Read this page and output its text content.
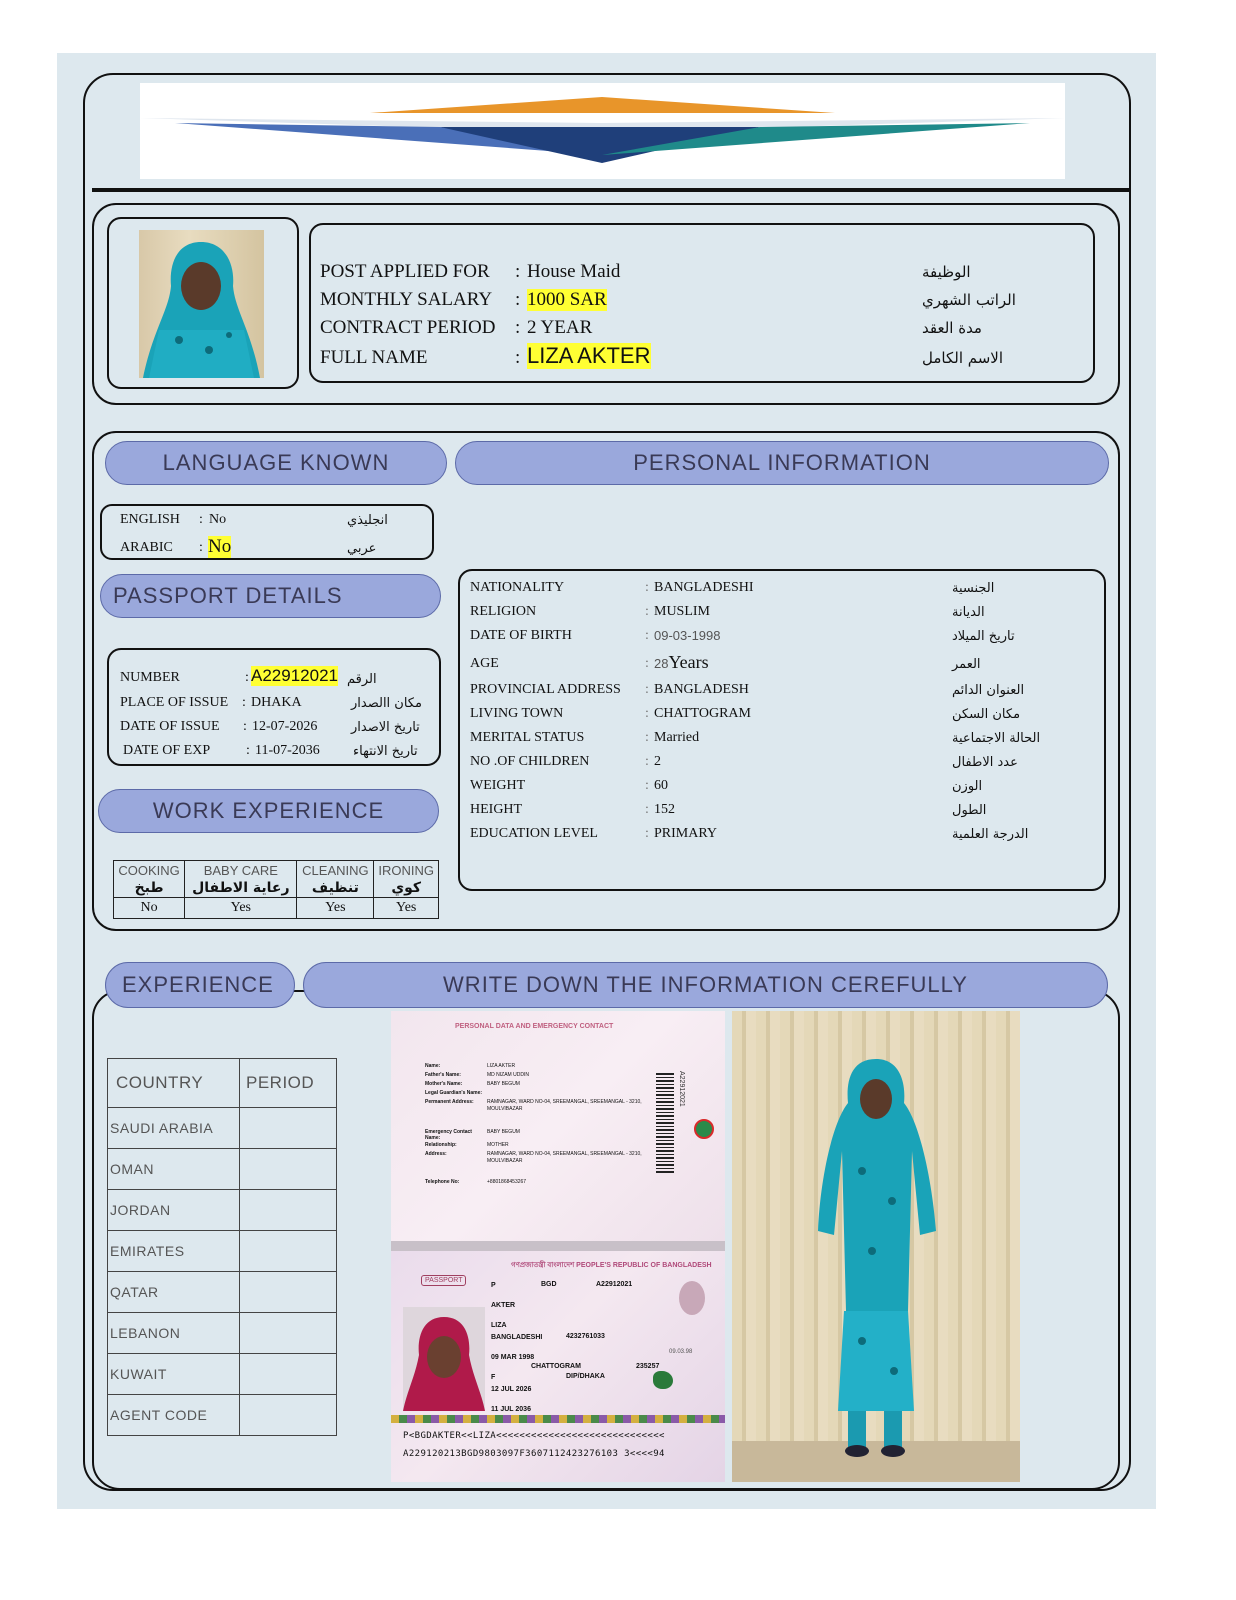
POST APPLIED FOR : House Maid	الوظيفة
MONTHLY SALARY : 1000 SAR	الراتب الشهري
CONTRACT PERIOD : 2 YEAR	مدة العقد
FULL NAME	: LIZA AKTER	الاسم الكامل
LANGUAGE KNOWN	PERSONAL INFORMATION
ENGLISH : No	انجليذي
ARABIC : No	عربي
PASSPORT DETAILS
NUMBER	: A22912021 الرقم
PLACE OF ISSUE : DHAKA	مكان االصدار
DATE OF ISSUE : 12-07-2026	تاريخ الاصدار
DATE OF EXP	: 11-07-2036	تاريخ الانتهاء
WORK EXPERIENCE
COOKING	BABY CARE	CLEANING	IRONING
طبخ	رعاية الاطفال	تنظيف	كوي
No	Yes	Yes	Yes
NATIONALITY	: BANGLADESHI	الجنسية
RELIGION	: MUSLIM	الديانة
DATE OF BIRTH	: 09-03-1998	تاريخ الميلاد
AGE	: 28Years	العمر
PROVINCIAL ADDRESS : BANGLADESH	العنوان الدائم
LIVING TOWN	: CHATTOGRAM	مكان السكن
MERITAL STATUS	: Married	الحالة الاجتماعية
NO .OF CHILDREN	: 2	عدد الاطفال
WEIGHT	: 60	الوزن
HEIGHT	: 152	الطول
EDUCATION LEVEL	: PRIMARY	الدرجة العلمية
EXPERIENCE	WRITE DOWN THE INFORMATION CEREFULLY
COUNTRY	PERIOD
SAUDI ARABIA	
OMAN	
JORDAN	
EMIRATES	
QATAR	
LEBANON	
KUWAIT	
AGENT CODE	
PERSONAL DATA AND EMERGENCY CONTACT
Name:	LIZA AKTER
Father's Name:	MD NIZAM UDDIN
Mother's Name:	BABY BEGUM
Legal Guardian's Name:
Permanent Address:	RAMNAGAR, WARD NO-04, SREEMANGAL, SREEMANGAL - 3210, MOULVIBAZAR
Emergency Contact Name:
BABY BEGUM
Relationship:	MOTHER
Address:	RAMNAGAR, WARD NO-04, SREEMANGAL, SREEMANGAL - 3210, MOULVIBAZAR
Telephone No:	+8801868453267
A22912021
গণপ্রজাতন্ত্রী বাংলাদেশ PEOPLE'S REPUBLIC OF BANGLADESH
PASSPORT
P
AKTER
LIZA
BANGLADESHI
09 MAR 1998
F
12 JUL 2026
11 JUL 2036
BGD	A22912021
4232761033
CHATTOGRAM	235257
DIP/DHAKA
09.03.98
P<BGDAKTER<<LIZA<<<<<<<<<<<<<<<<<<<<<<<<<<<<<
A229120213BGD9803097F3607112423276103 3<<<<94
